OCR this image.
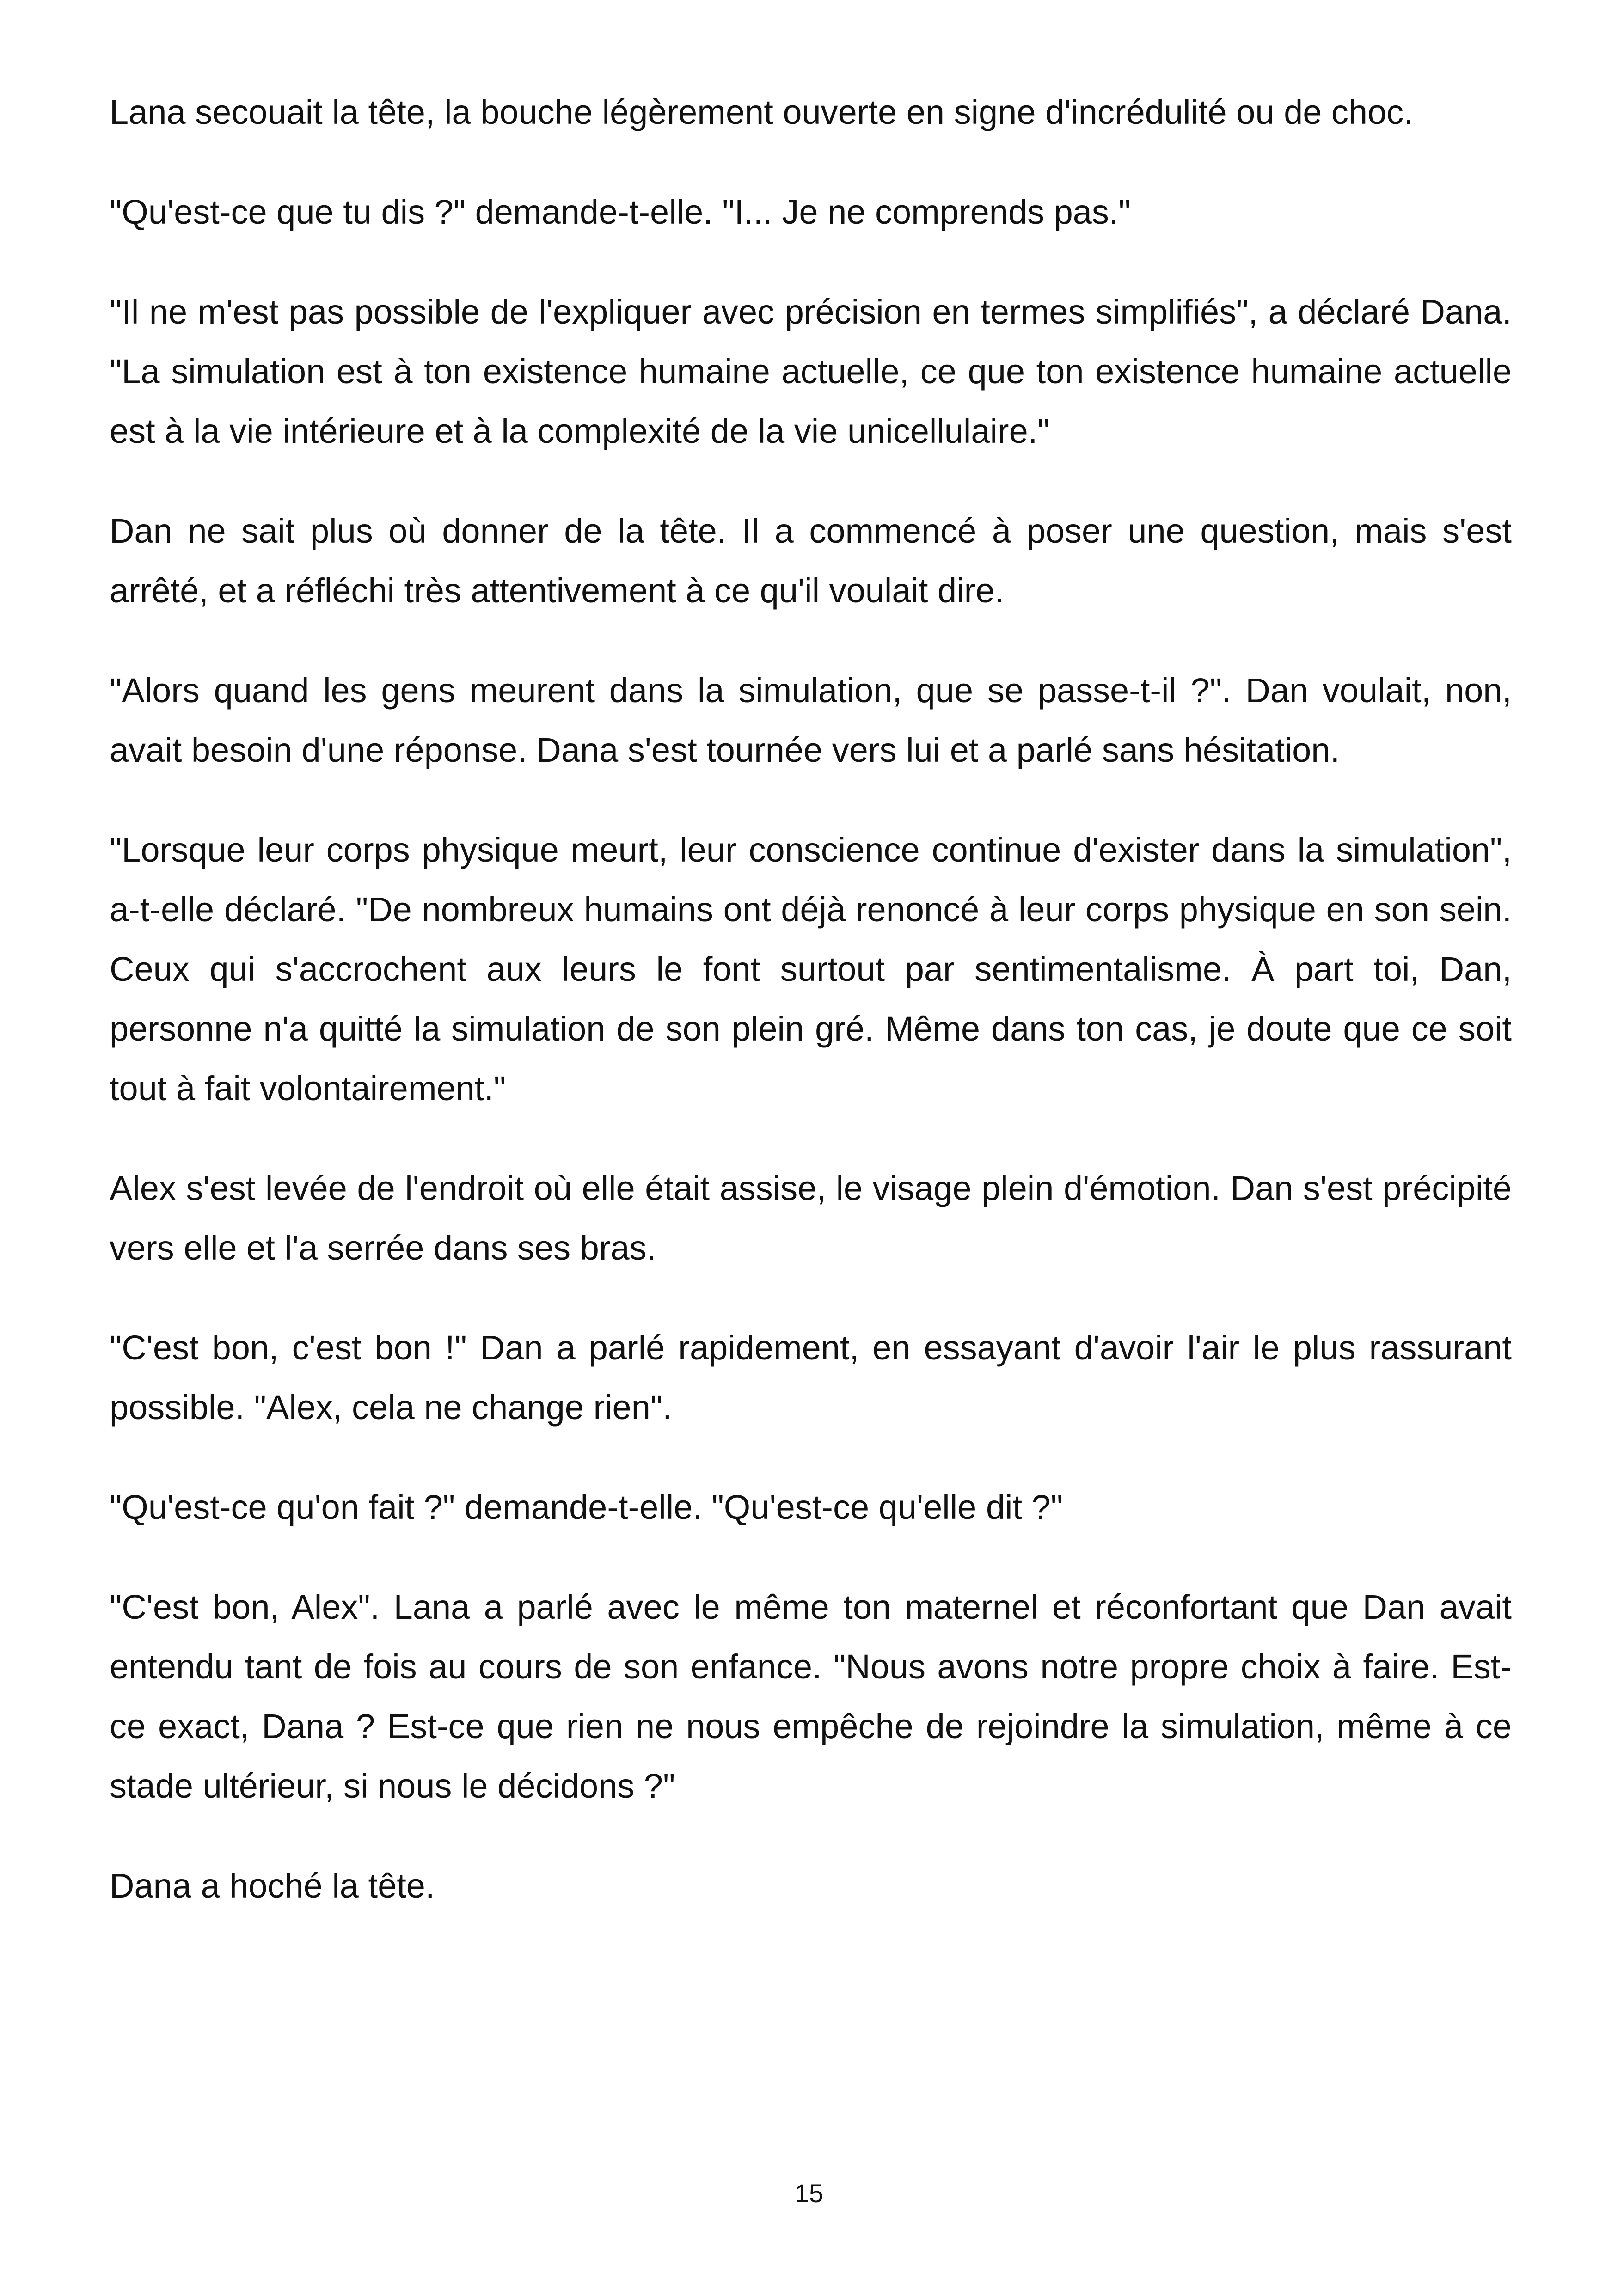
Lana secouait la tête, la bouche légèrement ouverte en signe d'incrédulité ou de choc.

"Qu'est-ce que tu dis ?" demande-t-elle. "I... Je ne comprends pas."

"Il ne m'est pas possible de l'expliquer avec précision en termes simplifiés", a déclaré Dana. "La simulation est à ton existence humaine actuelle, ce que ton existence humaine actuelle est à la vie intérieure et à la complexité de la vie unicellulaire."

Dan ne sait plus où donner de la tête. Il a commencé à poser une question, mais s'est arrêté, et a réfléchi très attentivement à ce qu'il voulait dire.

"Alors quand les gens meurent dans la simulation, que se passe-t-il ?". Dan voulait, non, avait besoin d'une réponse. Dana s'est tournée vers lui et a parlé sans hésitation.

"Lorsque leur corps physique meurt, leur conscience continue d'exister dans la simulation", a-t-elle déclaré. "De nombreux humains ont déjà renoncé à leur corps physique en son sein. Ceux qui s'accrochent aux leurs le font surtout par sentimentalisme. À part toi, Dan, personne n'a quitté la simulation de son plein gré. Même dans ton cas, je doute que ce soit tout à fait volontairement."

Alex s'est levée de l'endroit où elle était assise, le visage plein d'émotion. Dan s'est précipité vers elle et l'a serrée dans ses bras.

"C'est bon, c'est bon !" Dan a parlé rapidement, en essayant d'avoir l'air le plus rassurant possible. "Alex, cela ne change rien".

"Qu'est-ce qu'on fait ?" demande-t-elle. "Qu'est-ce qu'elle dit ?"

"C'est bon, Alex". Lana a parlé avec le même ton maternel et réconfortant que Dan avait entendu tant de fois au cours de son enfance. "Nous avons notre propre choix à faire. Est-ce exact, Dana ? Est-ce que rien ne nous empêche de rejoindre la simulation, même à ce stade ultérieur, si nous le décidons ?"

Dana a hoché la tête.

15
